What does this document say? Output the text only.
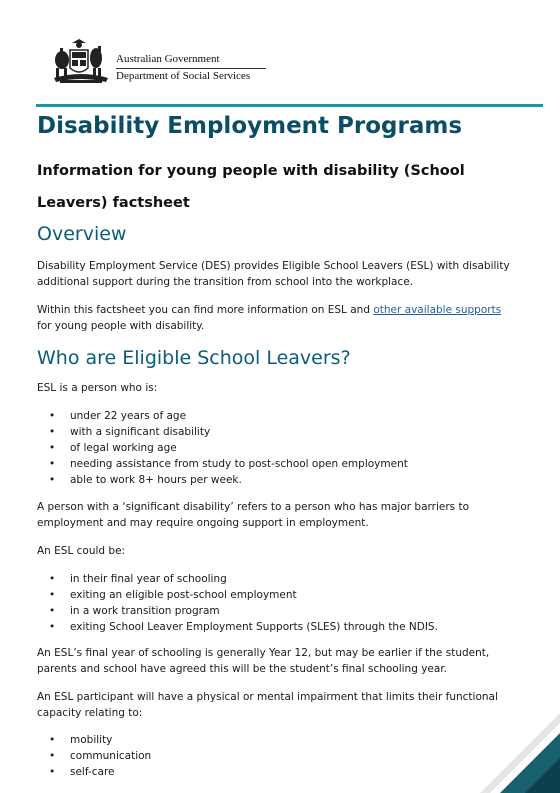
Australian Government
Department of Social Services
Disability Employment Programs
Information for young people with disability (School
Leavers) factsheet
Overview

Disability Employment Service (DES) provides Eligible School Leavers (ESL) with disability additional support during the transition from school into the workplace.

Within this factsheet you can find more information on ESL and other available supports for young people with disability.

Who are Eligible School Leavers?

ESL is a person who is:

• under 22 years of age
• with a significant disability
• of legal working age
• needing assistance from study to post-school open employment
• able to work 8+ hours per week.

A person with a ‘significant disability’ refers to a person who has major barriers to employment and may require ongoing support in employment.

An ESL could be:

• in their final year of schooling
• exiting an eligible post-school employment
• in a work transition program
• exiting School Leaver Employment Supports (SLES) through the NDIS.

An ESL’s final year of schooling is generally Year 12, but may be earlier if the student, parents and school have agreed this will be the student’s final schooling year.

An ESL participant will have a physical or mental impairment that limits their functional capacity relating to:

• mobility
• communication
• self-care
